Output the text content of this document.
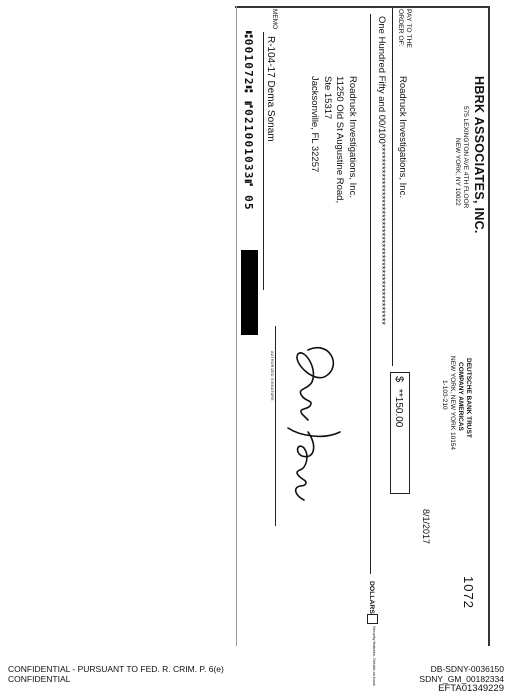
HBRK ASSOCIATES, INC.
575 LEXINGTON AVE 4TH FLOOR
NEW YORK, NY 10022
DEUTSCHE BANK TRUST
COMPANY AMERICAS
NEW YORK, NEW YORK 10154
1-103-210
1072
8/1/2017
PAY TO THE ORDER OF:
Roadruck Investigations, Inc.
$
**150.00
One Hundred Fifty and 00/100*************************************************
DOLLARS
Security features. Details on back.
Roadruck Investigations, Inc.
11250 Old St Augustine Road,
Ste 15317
Jacksonville, FL 32257
AUTHORIZED SIGNATURE
MEMO
R-104-17 Dema Sonam
⑆001072⑆ ⑈021001033⑈ 05
CONFIDENTIAL - PURSUANT TO FED. R. CRIM. P. 6(e)
CONFIDENTIAL
DB-SDNY-0036150
SDNY_GM_00182334
EFTA01349229
